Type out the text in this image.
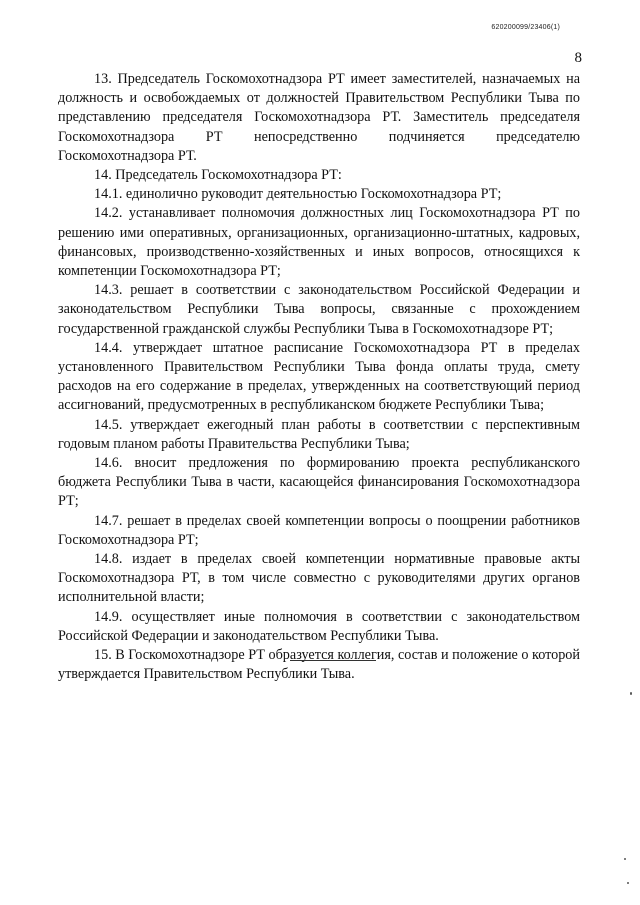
620200099/23406(1)
8

13. Председатель Госкомохотнадзора РТ имеет заместителей, назначаемых на должность и освобождаемых от должностей Правительством Республики Тыва по представлению председателя Госкомохотнадзора РТ. Заместитель председателя Госкомохотнадзора РТ непосредственно подчиняется председателю Госкомохотнадзора РТ.

14. Председатель Госкомохотнадзора РТ:

14.1. единолично руководит деятельностью Госкомохотнадзора РТ;

14.2. устанавливает полномочия должностных лиц Госкомохотнадзора РТ по решению ими оперативных, организационных, организационно-штатных, кадровых, финансовых, производственно-хозяйственных и иных вопросов, относящихся к компетенции Госкомохотнадзора РТ;

14.3. решает в соответствии с законодательством Российской Федерации и законодательством Республики Тыва вопросы, связанные с прохождением государственной гражданской службы Республики Тыва в Госкомохотнадзоре РТ;

14.4. утверждает штатное расписание Госкомохотнадзора РТ в пределах установленного Правительством Республики Тыва фонда оплаты труда, смету расходов на его содержание в пределах, утвержденных на соответствующий период ассигнований, предусмотренных в республиканском бюджете Республики Тыва;

14.5. утверждает ежегодный план работы в соответствии с перспективным годовым планом работы Правительства Республики Тыва;

14.6. вносит предложения по формированию проекта республиканского бюджета Республики Тыва в части, касающейся финансирования Госкомохотнадзора РТ;

14.7. решает в пределах своей компетенции вопросы о поощрении работников Госкомохотнадзора РТ;

14.8. издает в пределах своей компетенции нормативные правовые акты Госкомохотнадзора РТ, в том числе совместно с руководителями других органов исполнительной власти;

14.9. осуществляет иные полномочия в соответствии с законодательством Российской Федерации и законодательством Республики Тыва.

15. В Госкомохотнадзоре РТ образуется коллегия, состав и положение о которой утверждается Правительством Республики Тыва.
